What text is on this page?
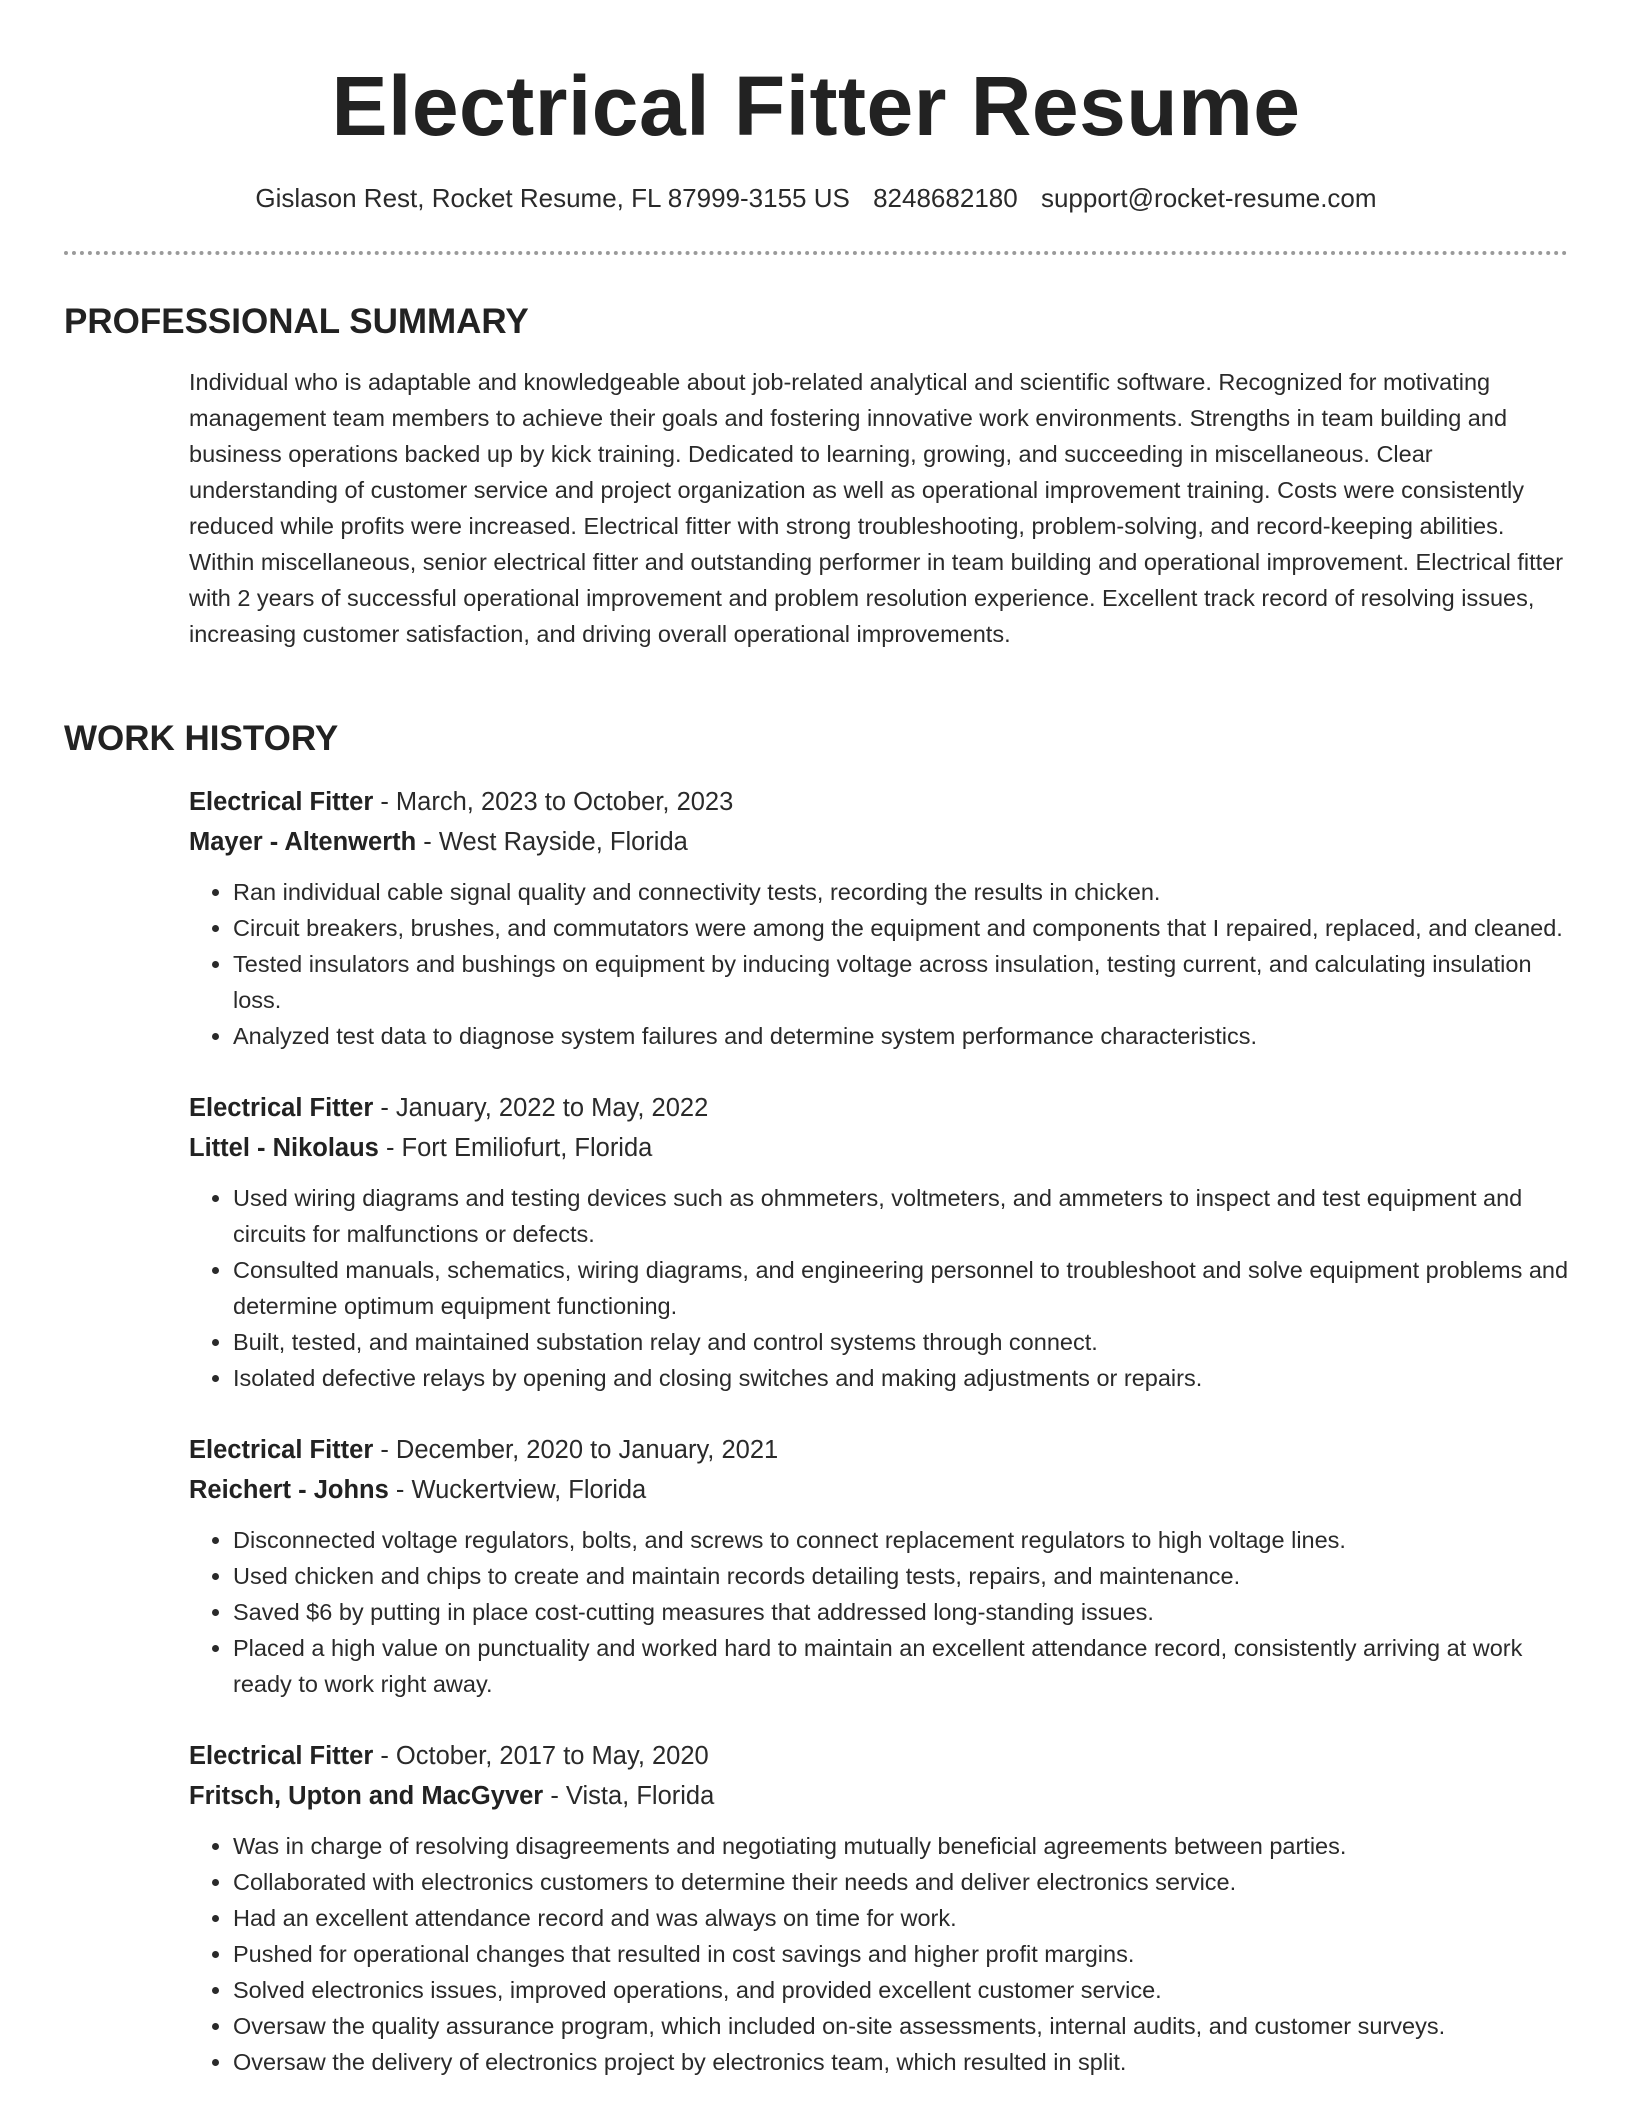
Electrical Fitter Resume
Gislason Rest, Rocket Resume, FL 87999-3155 US 8248682180 support@rocket-resume.com
PROFESSIONAL SUMMARY

Individual who is adaptable and knowledgeable about job-related analytical and scientific software. Recognized for motivating management team members to achieve their goals and fostering innovative work environments. Strengths in team building and business operations backed up by kick training. Dedicated to learning, growing, and succeeding in miscellaneous. Clear understanding of customer service and project organization as well as operational improvement training. Costs were consistently reduced while profits were increased. Electrical fitter with strong troubleshooting, problem-solving, and record-keeping abilities. Within miscellaneous, senior electrical fitter and outstanding performer in team building and operational improvement. Electrical fitter with 2 years of successful operational improvement and problem resolution experience. Excellent track record of resolving issues, increasing customer satisfaction, and driving overall operational improvements.

WORK HISTORY
Electrical Fitter - March, 2023 to October, 2023
Mayer - Altenwerth - West Rayside, Florida
• Ran individual cable signal quality and connectivity tests, recording the results in chicken.
• Circuit breakers, brushes, and commutators were among the equipment and components that I repaired, replaced, and cleaned.
• Tested insulators and bushings on equipment by inducing voltage across insulation, testing current, and calculating insulation loss.
• Analyzed test data to diagnose system failures and determine system performance characteristics.
Electrical Fitter - January, 2022 to May, 2022
Littel - Nikolaus - Fort Emiliofurt, Florida
• Used wiring diagrams and testing devices such as ohmmeters, voltmeters, and ammeters to inspect and test equipment and circuits for malfunctions or defects.
• Consulted manuals, schematics, wiring diagrams, and engineering personnel to troubleshoot and solve equipment problems and determine optimum equipment functioning.
• Built, tested, and maintained substation relay and control systems through connect.
• Isolated defective relays by opening and closing switches and making adjustments or repairs.
Electrical Fitter - December, 2020 to January, 2021
Reichert - Johns - Wuckertview, Florida
• Disconnected voltage regulators, bolts, and screws to connect replacement regulators to high voltage lines.
• Used chicken and chips to create and maintain records detailing tests, repairs, and maintenance.
• Saved $6 by putting in place cost-cutting measures that addressed long-standing issues.
• Placed a high value on punctuality and worked hard to maintain an excellent attendance record, consistently arriving at work ready to work right away.
Electrical Fitter - October, 2017 to May, 2020
Fritsch, Upton and MacGyver - Vista, Florida
• Was in charge of resolving disagreements and negotiating mutually beneficial agreements between parties.
• Collaborated with electronics customers to determine their needs and deliver electronics service.
• Had an excellent attendance record and was always on time for work.
• Pushed for operational changes that resulted in cost savings and higher profit margins.
• Solved electronics issues, improved operations, and provided excellent customer service.
• Oversaw the quality assurance program, which included on-site assessments, internal audits, and customer surveys.
• Oversaw the delivery of electronics project by electronics team, which resulted in split.
